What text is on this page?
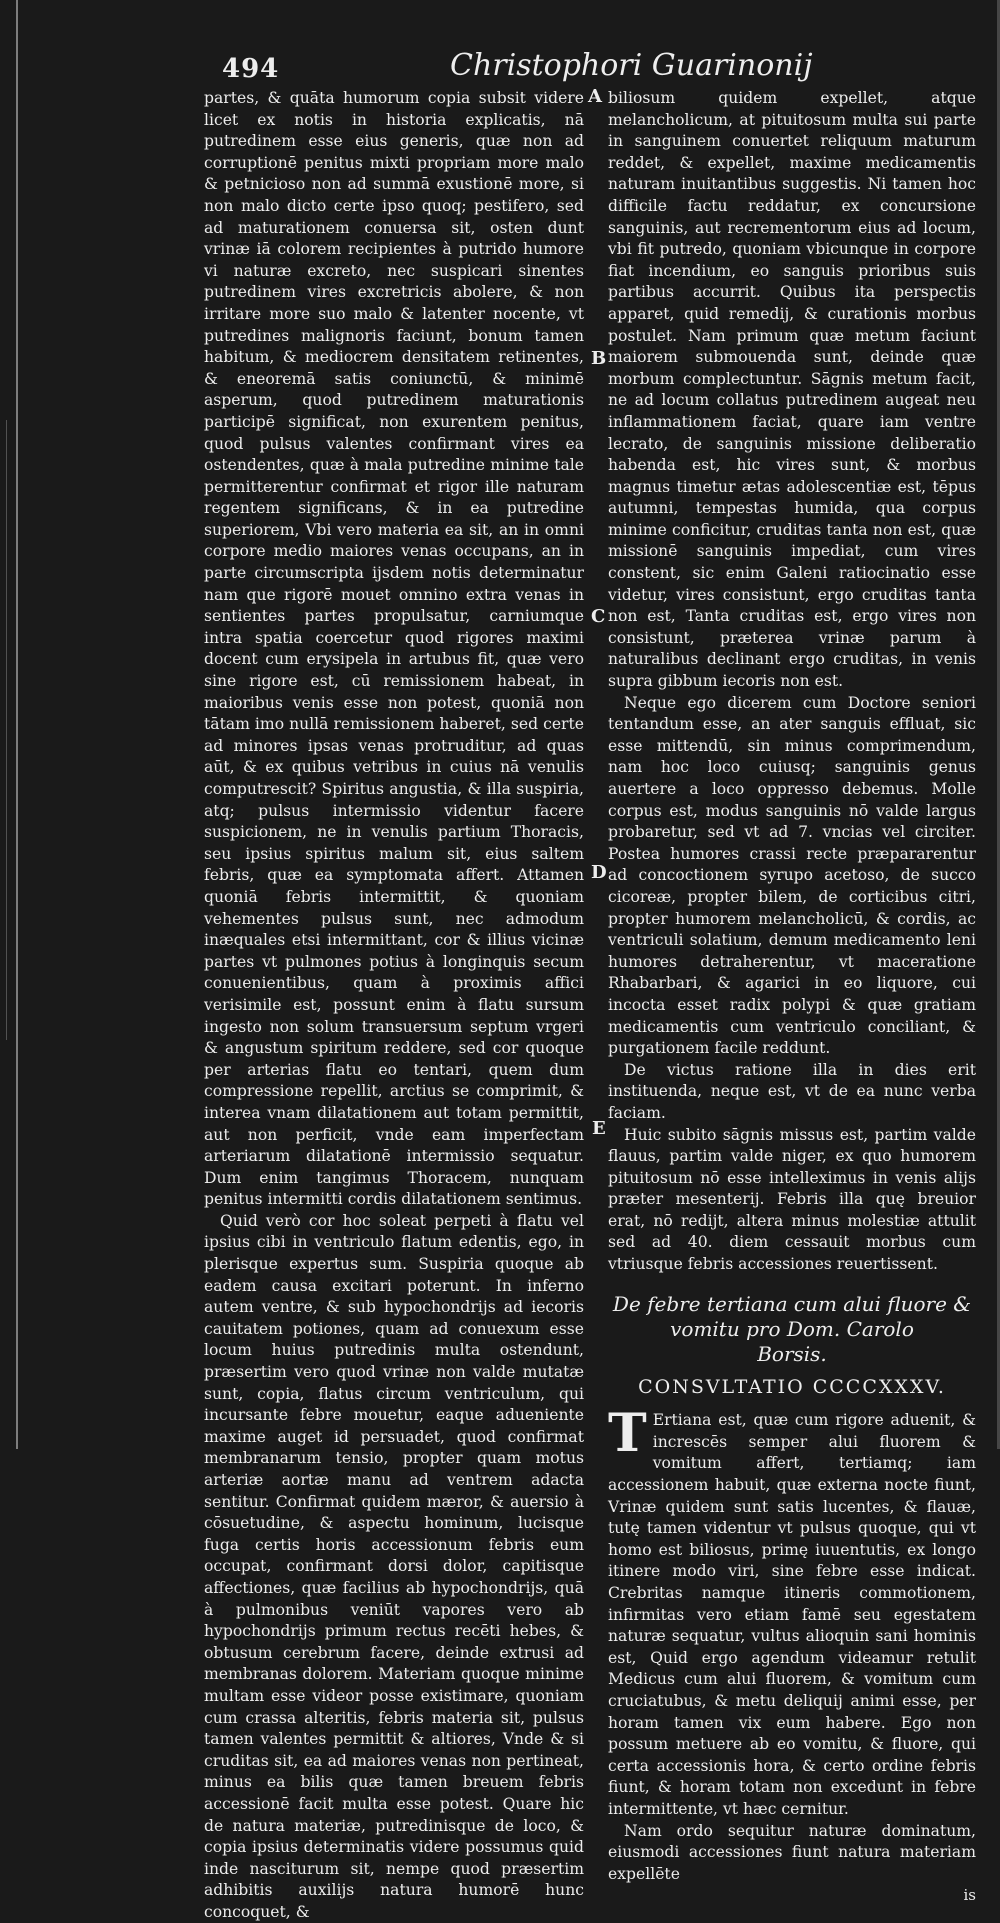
494	Christophori Guarinonij
A
B
C
D
E

partes, & quāta humorum copia subsit videre licet ex notis in historia explicatis, nā putredinem esse eius generis, quæ non ad corruptionē penitus mixti propriam more malo & petnicioso non ad summā exustionē more, si non malo dicto certe ipso quoq; pestifero, sed ad maturationem conuersa sit, osten dunt vrinæ iā colorem recipientes à putrido humore vi naturæ excreto, nec suspicari sinentes putredinem vires excretricis abolere, & non irritare more suo malo & latenter nocente, vt putredines malignoris faciunt, bonum tamen habitum, & mediocrem densitatem retinentes, & eneoremā satis coniunctū, & minimē asperum, quod putredinem maturationis participē significat, non exurentem penitus, quod pulsus valentes confirmant vires ea ostendentes, quæ à mala putredine minime tale permitterentur confirmat et rigor ille naturam regentem significans, & in ea putredine superiorem, Vbi vero materia ea sit, an in omni corpore medio maiores venas occupans, an in parte circumscripta ijsdem notis determinatur nam que rigorē mouet omnino extra venas in sentientes partes propulsatur, carniumque intra spatia coercetur quod rigores maximi docent cum erysipela in artubus fit, quæ vero sine rigore est, cū remissionem habeat, in maioribus venis esse non potest, quoniā non tātam imo nullā remissionem haberet, sed certe ad minores ipsas venas protruditur, ad quas aūt, & ex quibus vetribus in cuius nā venulis computrescit? Spiritus angustia, & illa suspiria, atq; pulsus intermissio videntur facere suspicionem, ne in venulis partium Thoracis, seu ipsius spiritus malum sit, eius saltem febris, quæ ea symptomata affert. Attamen quoniā febris intermittit, & quoniam vehementes pulsus sunt, nec admodum inæquales etsi intermittant, cor & illius vicinæ partes vt pulmones potius à longinquis secum conuenientibus, quam à proximis affici verisimile est, possunt enim à flatu sursum ingesto non solum transuersum septum vrgeri & angustum spiritum reddere, sed cor quoque per arterias flatu eo tentari, quem dum compressione repellit, arctius se comprimit, & interea vnam dilatationem aut totam permittit, aut non perficit, vnde eam imperfectam arteriarum dilatationē intermissio sequatur. Dum enim tangimus Thoracem, nunquam penitus intermitti cordis dilatationem sentimus.

Quid verò cor hoc soleat perpeti à flatu vel ipsius cibi in ventriculo flatum edentis, ego, in plerisque expertus sum. Suspiria quoque ab eadem causa excitari poterunt. In inferno autem ventre, & sub hypochondrijs ad iecoris cauitatem potiones, quam ad conuexum esse locum huius putredinis multa ostendunt, præsertim vero quod vrinæ non valde mutatæ sunt, copia, flatus circum ventriculum, qui incursante febre mouetur, eaque adueniente maxime auget id persuadet, quod confirmat membranarum tensio, propter quam motus arteriæ aortæ manu ad ventrem adacta sentitur. Confirmat quidem mæror, & auersio à cōsuetudine, & aspectu hominum, lucisque fuga certis horis accessionum febris eum occupat, confirmant dorsi dolor, capitisque affectiones, quæ facilius ab hypochondrijs, quā à pulmonibus veniūt vapores vero ab hypochondrijs primum rectus recēti hebes, & obtusum cerebrum facere, deinde extrusi ad membranas dolorem. Materiam quoque minime multam esse videor posse existimare, quoniam cum crassa alteritis, febris materia sit, pulsus tamen valentes permittit & altiores, Vnde & si cruditas sit, ea ad maiores venas non pertineat, minus ea bilis quæ tamen breuem febris accessionē facit multa esse potest. Quare hic de natura materiæ, putredinisque de loco, & copia ipsius determinatis videre possumus quid inde nasciturum sit, nempe quod præsertim adhibitis auxilijs natura humorē hunc concoquet, &

biliosum quidem expellet, atque melancholicum, at pituitosum multa sui parte in sanguinem conuertet reliquum maturum reddet, & expellet, maxime medicamentis naturam inuitantibus suggestis. Ni tamen hoc difficile factu reddatur, ex concursione sanguinis, aut recrementorum eius ad locum, vbi fit putredo, quoniam vbicunque in corpore fiat incendium, eo sanguis prioribus suis partibus accurrit. Quibus ita perspectis apparet, quid remedij, & curationis morbus postulet. Nam primum quæ metum faciunt maiorem submouenda sunt, deinde quæ morbum complectuntur. Sāgnis metum facit, ne ad locum collatus putredinem augeat neu inflammationem faciat, quare iam ventre lecrato, de sanguinis missione deliberatio habenda est, hic vires sunt, & morbus magnus timetur ætas adolescentiæ est, tēpus autumni, tempestas humida, qua corpus minime conficitur, cruditas tanta non est, quæ missionē sanguinis impediat, cum vires constent, sic enim Galeni ratiocinatio esse videtur, vires consistunt, ergo cruditas tanta non est, Tanta cruditas est, ergo vires non consistunt, præterea vrinæ parum à naturalibus declinant ergo cruditas, in venis supra gibbum iecoris non est.

Neque ego dicerem cum Doctore seniori tentandum esse, an ater sanguis effluat, sic esse mittendū, sin minus comprimendum, nam hoc loco cuiusq; sanguinis genus auertere a loco oppresso debemus. Molle corpus est, modus sanguinis nō valde largus probaretur, sed vt ad 7. vncias vel circiter. Postea humores crassi recte præpararentur ad concoctionem syrupo acetoso, de succo cicoreæ, propter bilem, de corticibus citri, propter humorem melancholicū, & cordis, ac ventriculi solatium, demum medicamento leni humores detraherentur, vt maceratione Rhabarbari, & agarici in eo liquore, cui incocta esset radix polypi & quæ gratiam medicamentis cum ventriculo conciliant, & purgationem facile reddunt.

De victus ratione illa in dies erit instituenda, neque est, vt de ea nunc verba faciam.

Huic subito sāgnis missus est, partim valde flauus, partim valde niger, ex quo humorem pituitosum nō esse intelleximus in venis alijs præter mesenterij. Febris illa quę breuior erat, nō redijt, altera minus molestiæ attulit sed ad 40. diem cessauit morbus cum vtriusque febris accessiones reuertissent.

De febre tertiana cum alui fluore &
vomitu pro Dom. Carolo
Borsis.
CONSVLTATIO CCCCXXXV.

T Ertiana est, quæ cum rigore aduenit, & increscēs semper alui fluorem & vomitum affert, tertiamq; iam accessionem habuit, quæ externa nocte fiunt, Vrinæ quidem sunt satis lucentes, & flauæ, tutę tamen videntur vt pulsus quoque, qui vt homo est biliosus, primę iuuentutis, ex longo itinere modo viri, sine febre esse indicat. Crebritas namque itineris commotionem, infirmitas vero etiam famē seu egestatem naturæ sequatur, vultus alioquin sani hominis est, Quid ergo agendum videamur retulit Medicus cum alui fluorem, & vomitum cum cruciatubus, & metu deliquij animi esse, per horam tamen vix eum habere. Ego non possum metuere ab eo vomitu, & fluore, qui certa accessionis hora, & certo ordine febris fiunt, & horam totam non excedunt in febre intermittente, vt hæc cernitur.

Nam ordo sequitur naturæ dominatum, eiusmodi accessiones fiunt natura materiam expellēte

is
